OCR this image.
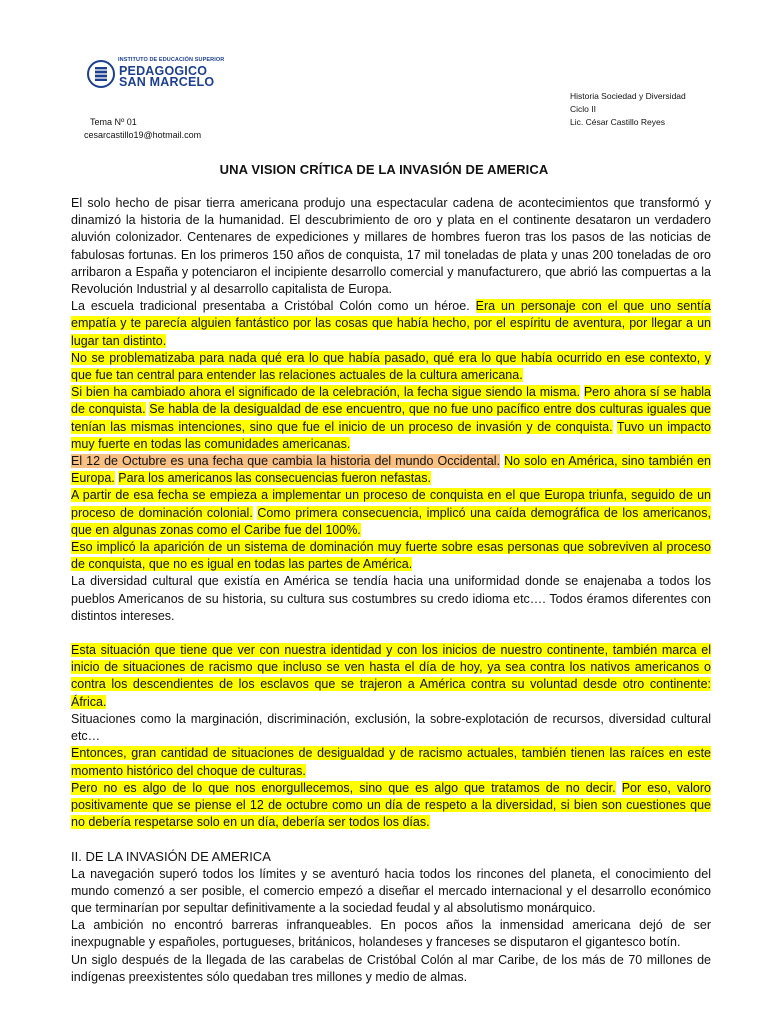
INSTITUTO DE EDUCACIÓN SUPERIOR
PEDAGOGICO
SAN MARCELO
Tema Nº 01
cesarcastillo19@hotmail.com
Historia Sociedad y Diversidad
Ciclo II
Lic. César Castillo Reyes
UNA VISION CRÍTICA DE LA INVASIÓN DE AMERICA

El solo hecho de pisar tierra americana produjo una espectacular cadena de acontecimientos que transformó y dinamizó la historia de la humanidad. El descubrimiento de oro y plata en el continente desataron un verdadero aluvión colonizador. Centenares de expediciones y millares de hombres fueron tras los pasos de las noticias de fabulosas fortunas. En los primeros 150 años de conquista, 17 mil toneladas de plata y unas 200 toneladas de oro arribaron a España y potenciaron el incipiente desarrollo comercial y manufacturero, que abrió las compuertas a la Revolución Industrial y al desarrollo capitalista de Europa.

La escuela tradicional presentaba a Cristóbal Colón como un héroe. Era un personaje con el que uno sentía empatía y te parecía alguien fantástico por las cosas que había hecho, por el espíritu de aventura, por llegar a un lugar tan distinto.

No se problematizaba para nada qué era lo que había pasado, qué era lo que había ocurrido en ese contexto, y que fue tan central para entender las relaciones actuales de la cultura americana.

Si bien ha cambiado ahora el significado de la celebración, la fecha sigue siendo la misma. Pero ahora sí se habla de conquista. Se habla de la desigualdad de ese encuentro, que no fue uno pacífico entre dos culturas iguales que tenían las mismas intenciones, sino que fue el inicio de un proceso de invasión y de conquista. Tuvo un impacto muy fuerte en todas las comunidades americanas.

El 12 de Octubre es una fecha que cambia la historia del mundo Occidental. No solo en América, sino también en Europa. Para los americanos las consecuencias fueron nefastas.

A partir de esa fecha se empieza a implementar un proceso de conquista en el que Europa triunfa, seguido de un proceso de dominación colonial. Como primera consecuencia, implicó una caída demográfica de los americanos, que en algunas zonas como el Caribe fue del 100%.

Eso implicó la aparición de un sistema de dominación muy fuerte sobre esas personas que sobreviven al proceso de conquista, que no es igual en todas las partes de América.

La diversidad cultural que existía en América se tendía hacia una uniformidad donde se enajenaba a todos los pueblos Americanos de su historia, su cultura sus costumbres su credo idioma etc…. Todos éramos diferentes con distintos intereses.

Esta situación que tiene que ver con nuestra identidad y con los inicios de nuestro continente, también marca el inicio de situaciones de racismo que incluso se ven hasta el día de hoy, ya sea contra los nativos americanos o contra los descendientes de los esclavos que se trajeron a América contra su voluntad desde otro continente: África.

Situaciones como la marginación, discriminación, exclusión, la sobre-explotación de recursos, diversidad cultural etc…

Entonces, gran cantidad de situaciones de desigualdad y de racismo actuales, también tienen las raíces en este momento histórico del choque de culturas.

Pero no es algo de lo que nos enorgullecemos, sino que es algo que tratamos de no decir. Por eso, valoro positivamente que se piense el 12 de octubre como un día de respeto a la diversidad, si bien son cuestiones que no debería respetarse solo en un día, debería ser todos los días.

II. DE LA INVASIÓN DE AMERICA

La navegación superó todos los límites y se aventuró hacia todos los rincones del planeta, el conocimiento del mundo comenzó a ser posible, el comercio empezó a diseñar el mercado internacional y el desarrollo económico que terminarían por sepultar definitivamente a la sociedad feudal y al absolutismo monárquico.

La ambición no encontró barreras infranqueables. En pocos años la inmensidad americana dejó de ser inexpugnable y españoles, portugueses, británicos, holandeses y franceses se disputaron el gigantesco botín.

Un siglo después de la llegada de las carabelas de Cristóbal Colón al mar Caribe, de los más de 70 millones de indígenas preexistentes sólo quedaban tres millones y medio de almas.
